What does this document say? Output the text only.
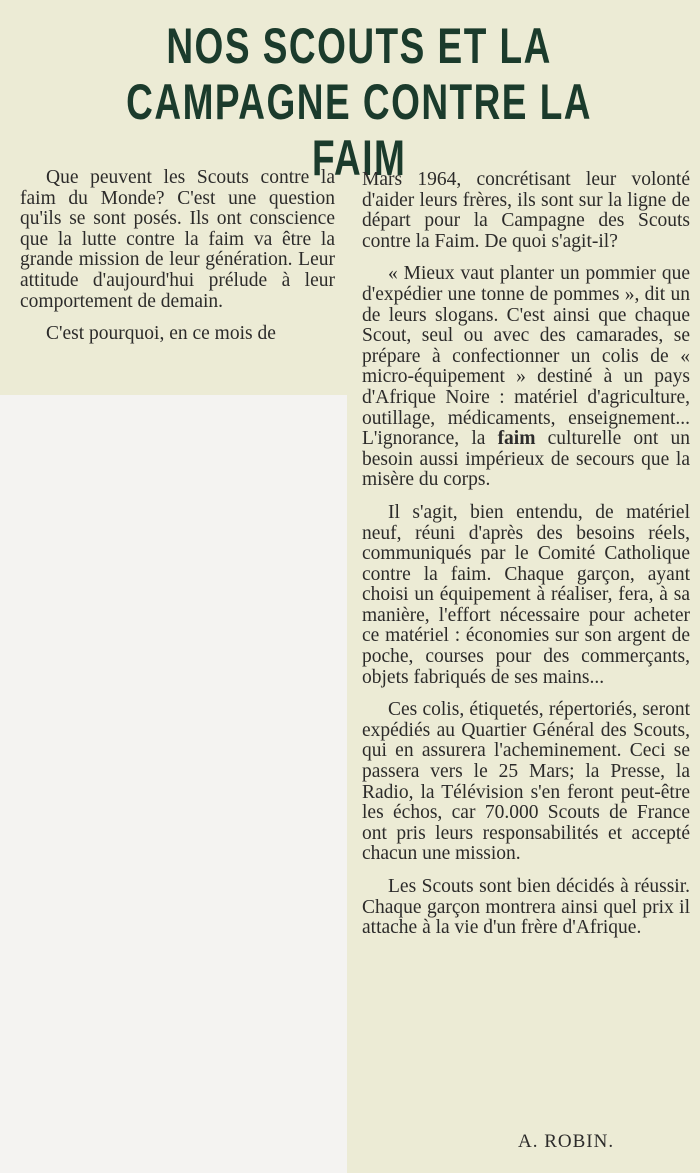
NOS SCOUTS ET LA
CAMPAGNE CONTRE LA FAIM

Que peuvent les Scouts contre la faim du Monde? C'est une question qu'ils se sont posés. Ils ont conscience que la lutte contre la faim va être la grande mission de leur génération. Leur attitude d'aujourd'hui prélude à leur comportement de demain.

C'est pourquoi, en ce mois de

Mars 1964, concrétisant leur volonté d'aider leurs frères, ils sont sur la ligne de départ pour la Campagne des Scouts contre la Faim. De quoi s'agit-il?

« Mieux vaut planter un pommier que d'expédier une tonne de pommes », dit un de leurs slogans. C'est ainsi que chaque Scout, seul ou avec des camarades, se prépare à confectionner un colis de « micro-équipement » destiné à un pays d'Afrique Noire : matériel d'agriculture, outillage, médicaments, enseignement... L'ignorance, la faim culturelle ont un besoin aussi impérieux de secours que la misère du corps.

Il s'agit, bien entendu, de matériel neuf, réuni d'après des besoins réels, communiqués par le Comité Catholique contre la faim. Chaque garçon, ayant choisi un équipement à réaliser, fera, à sa manière, l'effort nécessaire pour acheter ce matériel : économies sur son argent de poche, courses pour des commerçants, objets fabriqués de ses mains...

Ces colis, étiquetés, répertoriés, seront expédiés au Quartier Général des Scouts, qui en assurera l'acheminement. Ceci se passera vers le 25 Mars; la Presse, la Radio, la Télévision s'en feront peut-être les échos, car 70.000 Scouts de France ont pris leurs responsabilités et accepté chacun une mission.

Les Scouts sont bien décidés à réussir. Chaque garçon montrera ainsi quel prix il attache à la vie d'un frère d'Afrique.

A. ROBIN.
